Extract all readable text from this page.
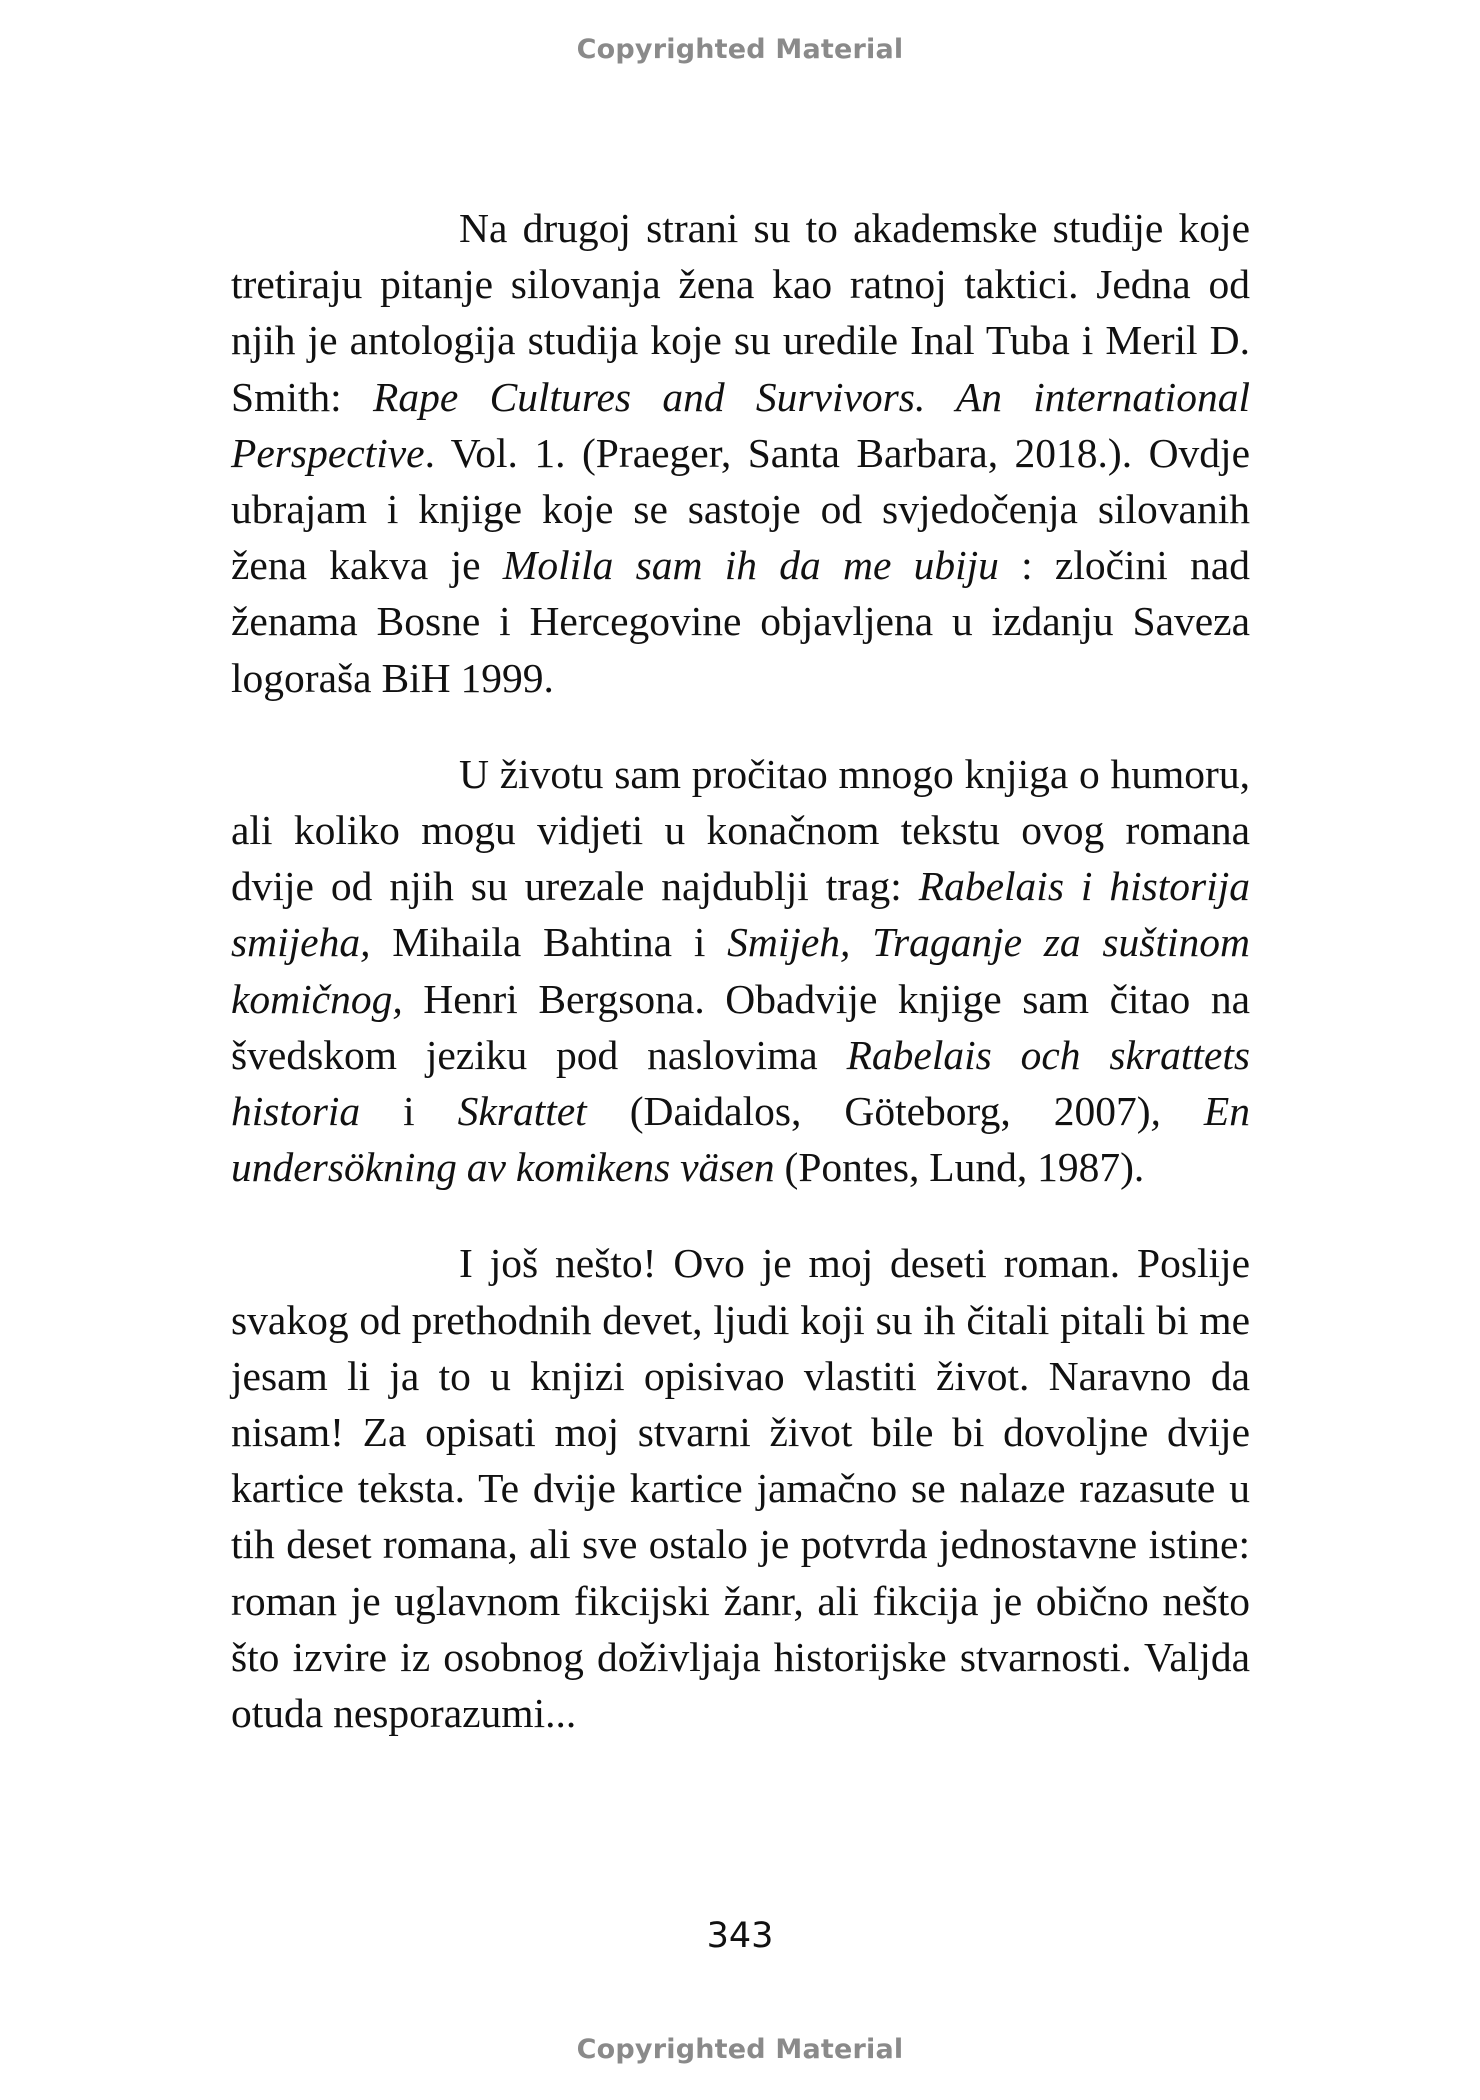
Copyrighted Material

Na drugoj strani su to akademske studije koje tretiraju pitanje silovanja žena kao ratnoj taktici. Jedna od njih je antologija studija koje su uredile Inal Tuba i Meril D. Smith: Rape Cultures and Survivors. An international Perspective. Vol. 1. (Praeger, Santa Barbara, 2018.). Ovdje ubrajam i knjige koje se sastoje od svjedočenja silovanih žena kakva je Molila sam ih da me ubiju : zločini nad ženama Bosne i Hercegovine objavljena u izdanju Saveza logoraša BiH 1999.

U životu sam pročitao mnogo knjiga o humoru, ali koliko mogu vidjeti u konačnom tekstu ovog romana dvije od njih su urezale najdublji trag: Rabelais i historija smijeha, Mihaila Bahtina i Smijeh, Traganje za suštinom komičnog, Henri Bergsona. Obadvije knjige sam čitao na švedskom jeziku pod naslovima Rabelais och skrattets historia i Skrattet (Daidalos, Göteborg, 2007), En undersökning av komikens väsen (Pontes, Lund, 1987).

I još nešto! Ovo je moj deseti roman. Poslije svakog od prethodnih devet, ljudi koji su ih čitali pitali bi me jesam li ja to u knjizi opisivao vlastiti život. Naravno da nisam! Za opisati moj stvarni život bile bi dovoljne dvije kartice teksta. Te dvije kartice jamačno se nalaze razasute u tih deset romana, ali sve ostalo je potvrda jednostavne istine: roman je uglavnom fikcijski žanr, ali fikcija je obično nešto što izvire iz osobnog doživljaja historijske stvarnosti. Valjda otuda nesporazumi...

343
Copyrighted Material
